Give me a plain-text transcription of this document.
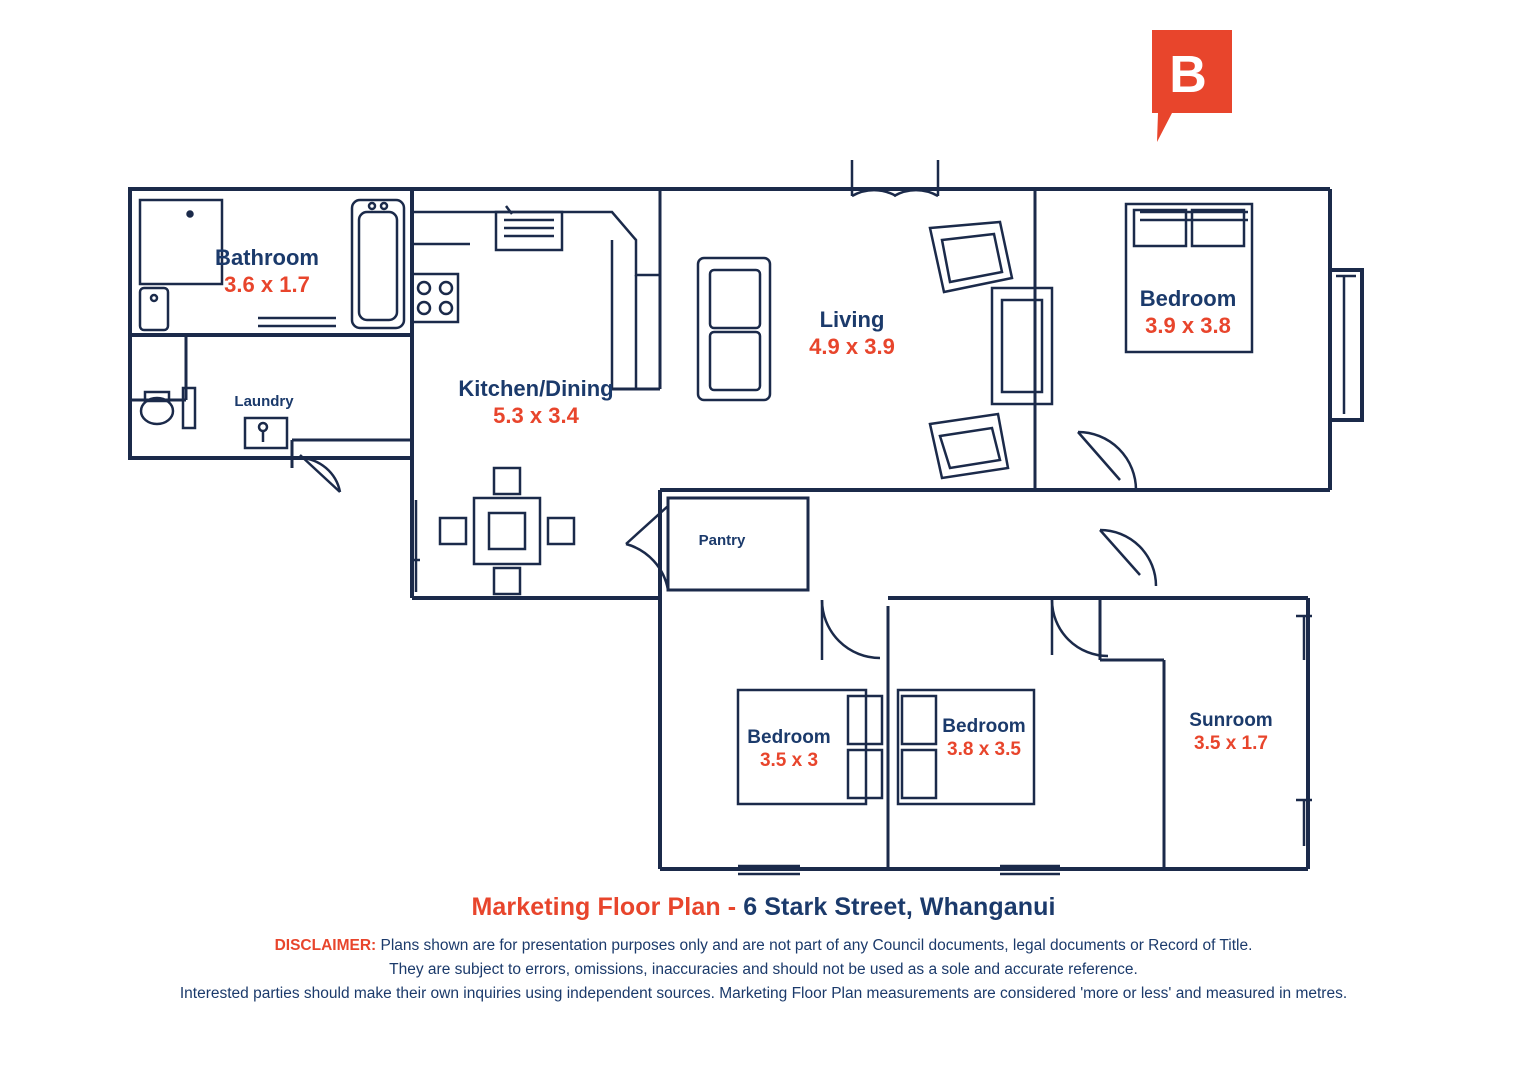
B
Bathroom
3.6 x 1.7
Laundry
Kitchen/Dining
5.3 x 3.4
Living
4.9 x 3.9
Bedroom
3.9 x 3.8
Pantry
Bedroom
3.5 x 3
Bedroom
3.8 x 3.5
Sunroom
3.5 x 1.7
Marketing Floor Plan - 6 Stark Street, Whanganui
DISCLAIMER: Plans shown are for presentation purposes only and are not part of any Council documents, legal documents or Record of Title.
They are subject to errors, omissions, inaccuracies and should not be used as a sole and accurate reference.
Interested parties should make their own inquiries using independent sources. Marketing Floor Plan measurements are considered 'more or less' and measured in metres.
